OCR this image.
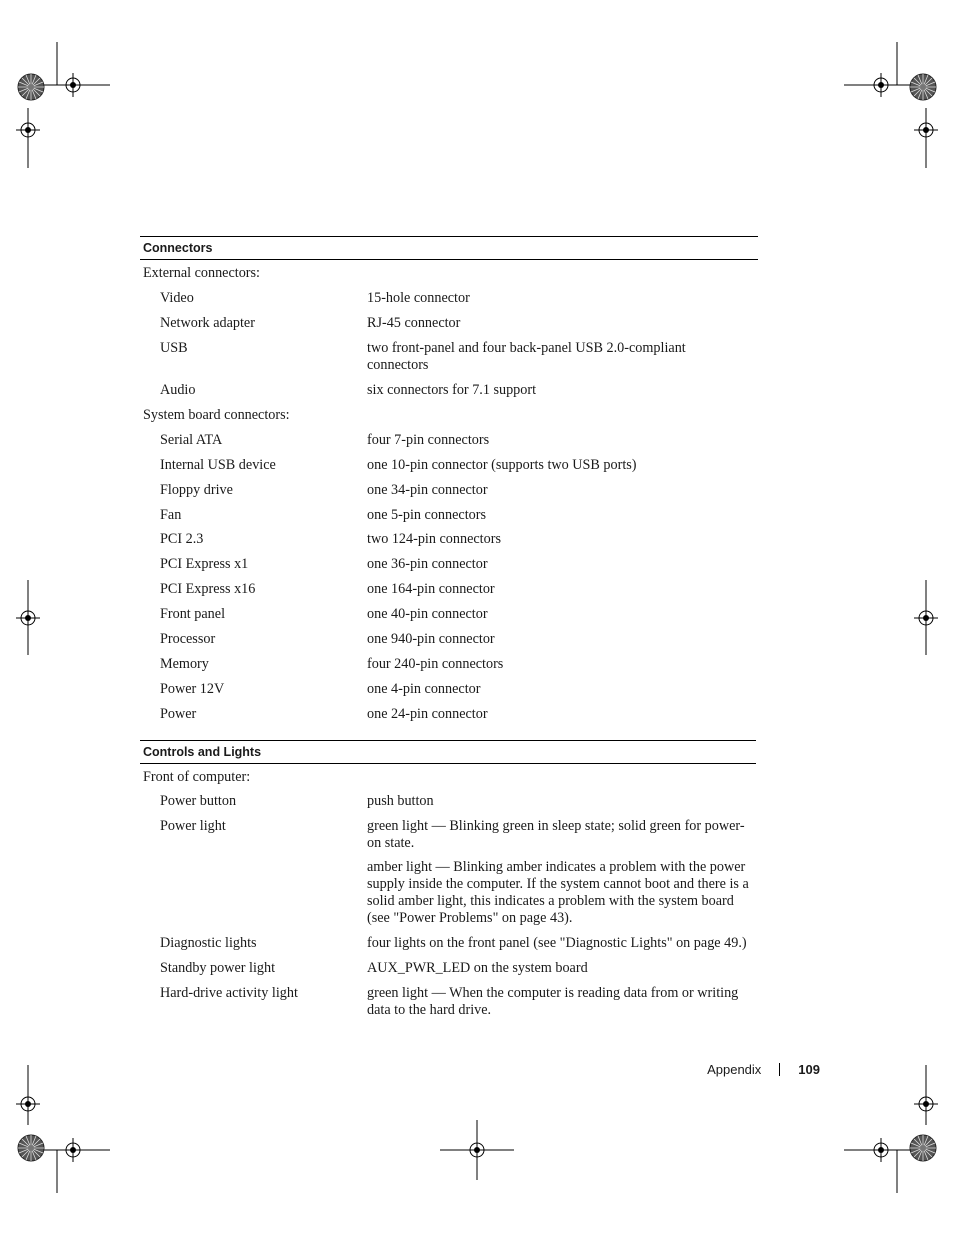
Connectors
External connectors:
Video	15-hole connector
Network adapter	RJ-45 connector
USB	two front-panel and four back-panel USB 2.0-compliant connectors
Audio	six connectors for 7.1 support
System board connectors:
Serial ATA	four 7-pin connectors
Internal USB device	one 10-pin connector (supports two USB ports)
Floppy drive	one 34-pin connector
Fan	one 5-pin connectors
PCI 2.3	two 124-pin connectors
PCI Express x1	one 36-pin connector
PCI Express x16	one 164-pin connector
Front panel	one 40-pin connector
Processor	one 940-pin connector
Memory	four 240-pin connectors
Power 12V	one 4-pin connector
Power	one 24-pin connector
Controls and Lights
Front of computer:
Power button	push button
Power light	green light — Blinking green in sleep state; solid green for power-on state.
amber light — Blinking amber indicates a problem with the power supply inside the computer. If the system cannot boot and there is a solid amber light, this indicates a problem with the system board (see "Power Problems" on page 43).
Diagnostic lights	four lights on the front panel (see "Diagnostic Lights" on page 49.)
Standby power light	AUX_PWR_LED on the system board
Hard-drive activity light	green light — When the computer is reading data from or writing data to the hard drive.
Appendix	109
